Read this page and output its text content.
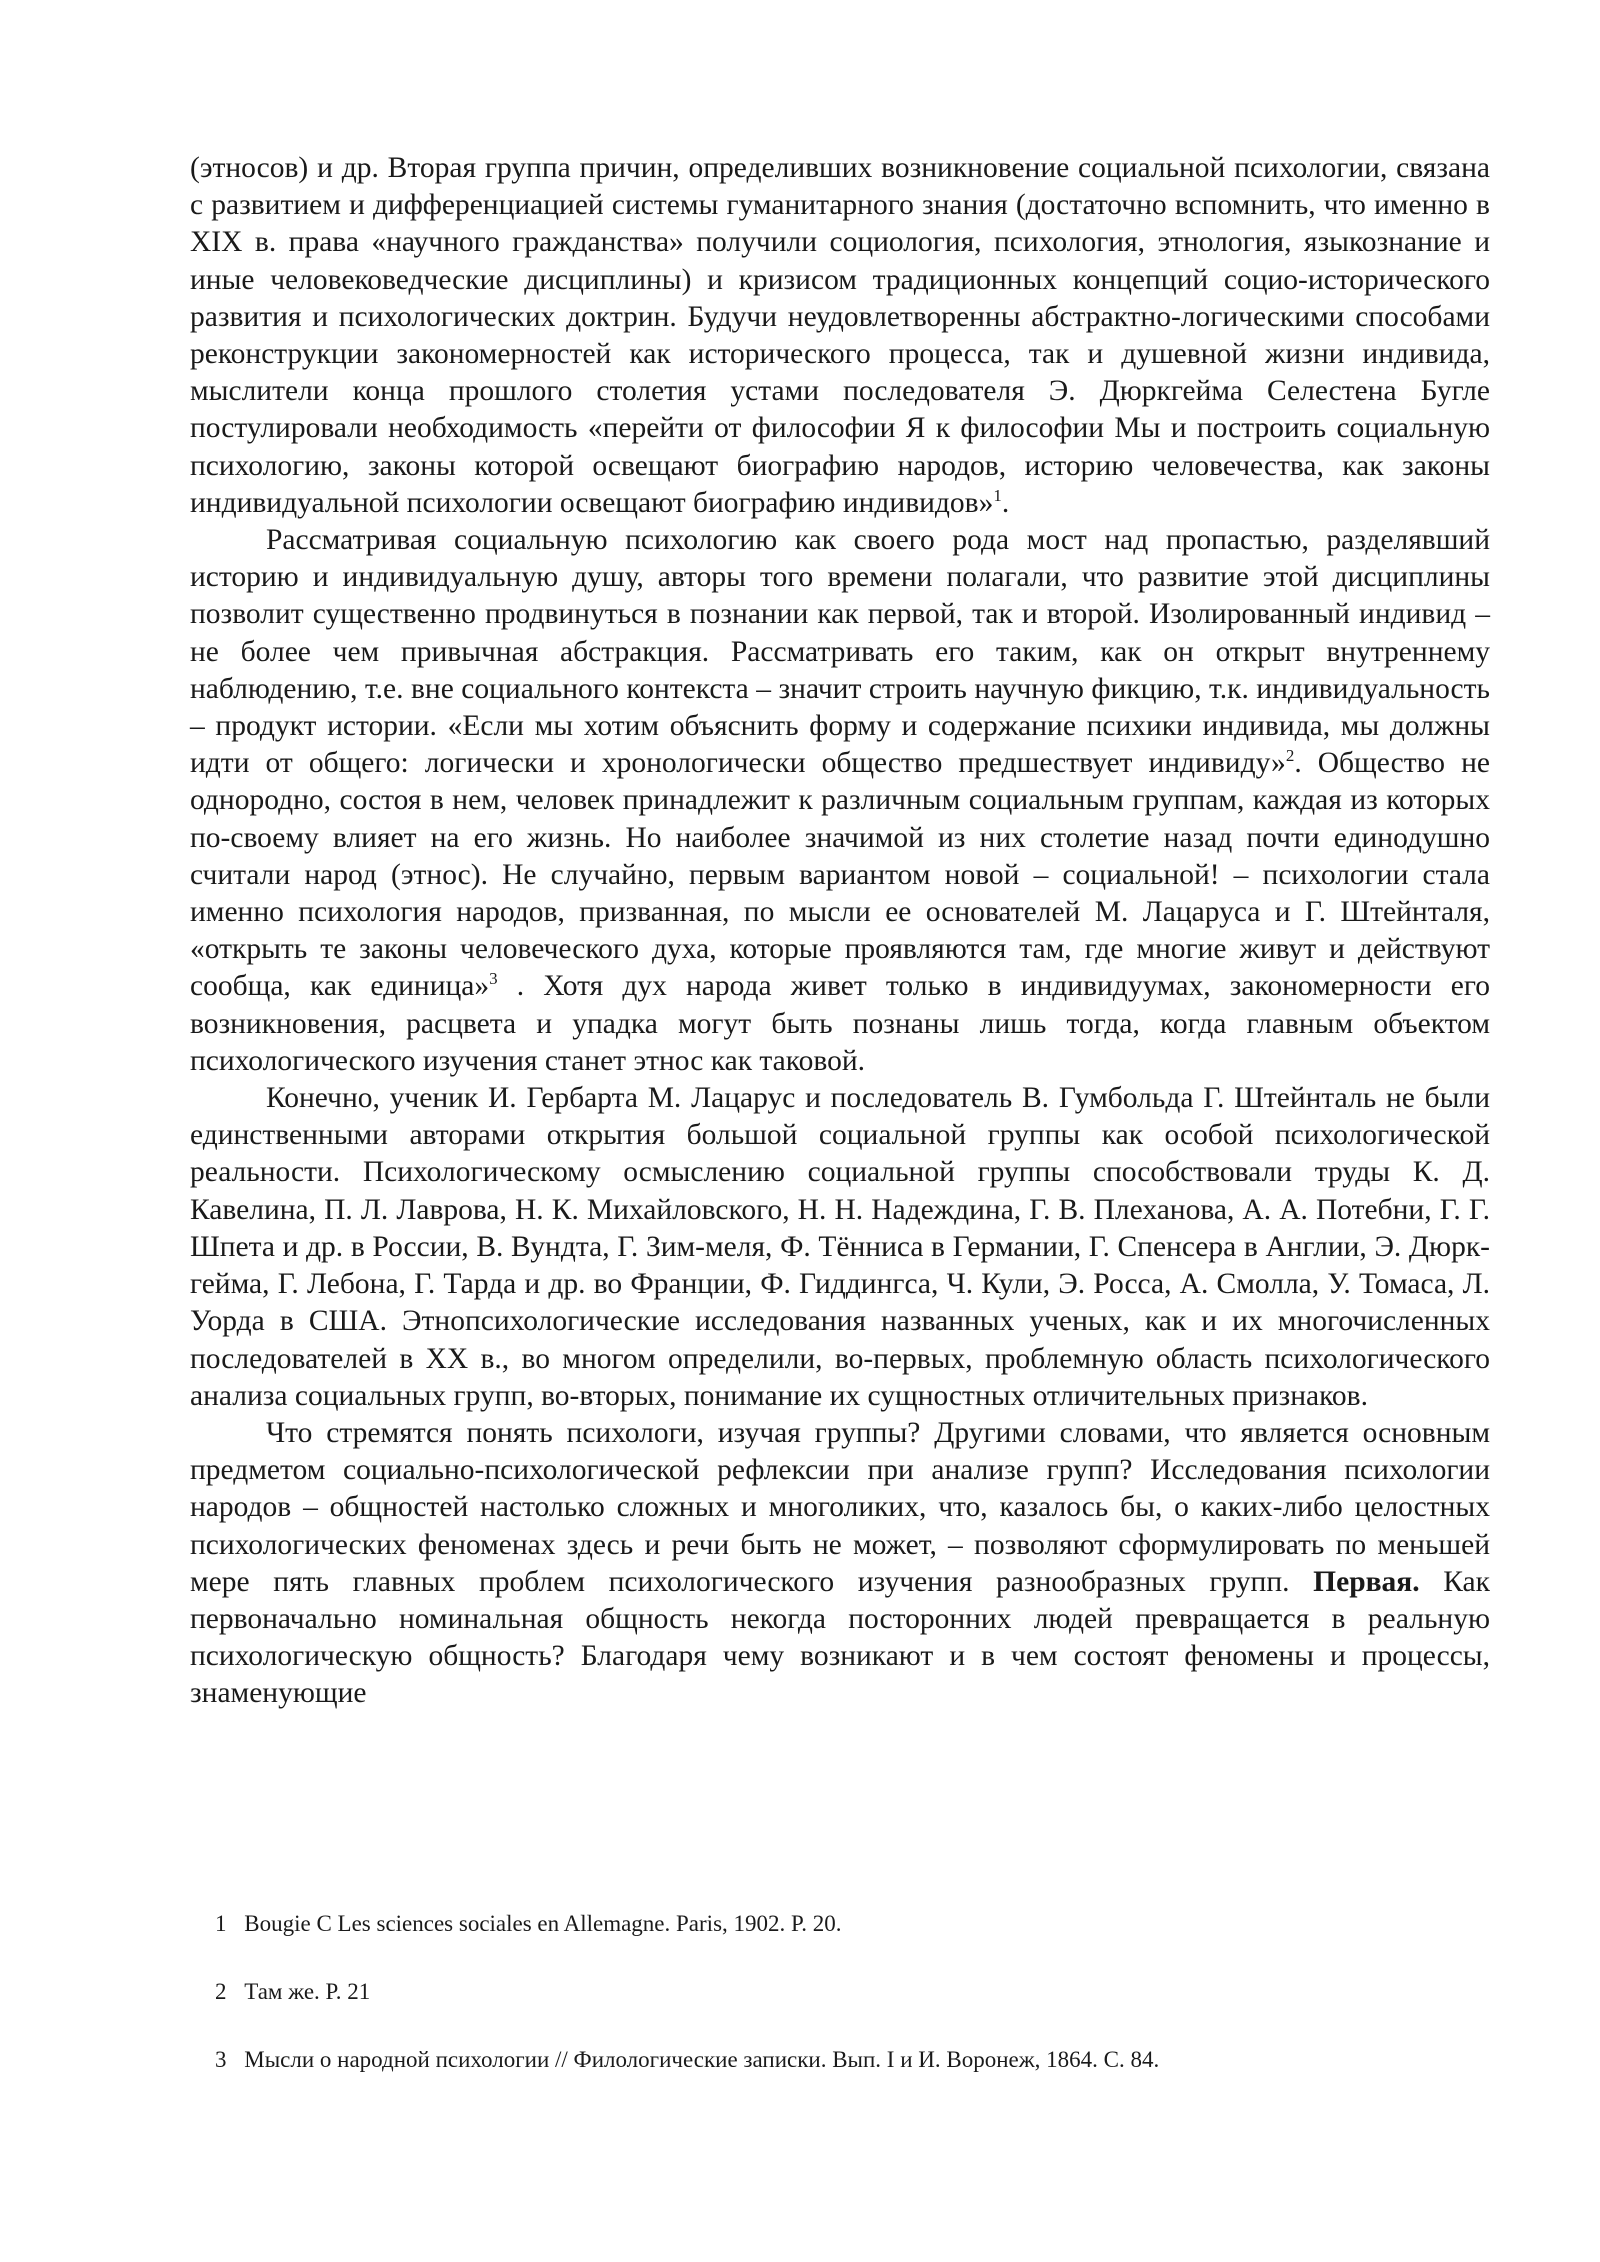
(этносов) и др. Вторая группа причин, определивших возникновение социальной психологии, связана с развитием и дифференциацией системы гуманитарного знания (достаточно вспомнить, что именно в XIX в. права «научного гражданства» получили социология, психология, этнология, языкознание и иные человековедческие дисциплины) и кризисом традиционных концепций социо-исторического развития и психологических доктрин. Будучи неудовлетворенны абстрактно-логическими способами реконструкции закономерностей как исторического процесса, так и душевной жизни индивида, мыслители конца прошлого столетия устами последователя Э. Дюркгейма Селестена Бугле постулировали необходимость «перейти от философии Я к философии Мы и построить социальную психологию, законы которой освещают биографию народов, историю человечества, как законы индивидуальной психологии освещают биографию индивидов»$^1$.

Рассматривая социальную психологию как своего рода мост над пропастью, разделявший историю и индивидуальную душу, авторы того времени полагали, что развитие этой дисциплины позволит существенно продвинуться в познании как первой, так и второй. Изолированный индивид – не более чем привычная абстракция. Рассматривать его таким, как он открыт внутреннему наблюдению, т.е. вне социального контекста – значит строить научную фикцию, т.к. индивидуальность – продукт истории. «Если мы хотим объяснить форму и содержание психики индивида, мы должны идти от общего: логически и хронологически общество предшествует индивиду»$^2$. Общество не однородно, состоя в нем, человек принадлежит к различным социальным группам, каждая из которых по-своему влияет на его жизнь. Но наиболее значимой из них столетие назад почти единодушно считали народ (этнос). Не случайно, первым вариантом новой – социальной! – психологии стала именно психология народов, призванная, по мысли ее основателей М. Лацаруса и Г. Штейнталя, «открыть те законы человеческого духа, которые проявляются там, где многие живут и действуют сообща, как единица»$^3$ . Хотя дух народа живет только в индивидуумах, закономерности его возникновения, расцвета и упадка могут быть познаны лишь тогда, когда главным объектом психологического изучения станет этнос как таковой.

Конечно, ученик И. Гербарта М. Лацарус и последователь В. Гумбольда Г. Штейнталь не были единственными авторами открытия большой социальной группы как особой психологической реальности. Психологическому осмыслению социальной группы способствовали труды К. Д. Кавелина, П. Л. Лаврова, Н. К. Михайловского, Н. Н. Надеждина, Г. В. Плеханова, А. А. Потебни, Г. Г. Шпета и др. в России, В. Вундта, Г. Зим-меля, Ф. Тённиса в Германии, Г. Спенсера в Англии, Э. Дюрк-гейма, Г. Лебона, Г. Тарда и др. во Франции, Ф. Гиддингса, Ч. Кули, Э. Росса, А. Смолла, У. Томаса, Л. Уорда в США. Этнопсихологические исследования названных ученых, как и их многочисленных последователей в XX в., во многом определили, во-первых, проблемную область психологического анализа социальных групп, во-вторых, понимание их сущностных отличительных признаков.

Что стремятся понять психологи, изучая группы? Другими словами, что является основным предметом социально-психологической рефлексии при анализе групп? Исследования психологии народов – общностей настолько сложных и многоликих, что, казалось бы, о каких-либо целостных психологических феноменах здесь и речи быть не может, – позволяют сформулировать по меньшей мере пять главных проблем психологического изучения разнообразных групп. Первая. Как первоначально номинальная общность некогда посторонних людей превращается в реальную психологическую общность? Благодаря чему возникают и в чем состоят феномены и процессы, знаменующие

1 Bougie C Les sciences sociales en Allemagne. Paris, 1902. P. 20.

2 Там же. P. 21

3 Мысли о народной психологии // Филологические записки. Вып. I и И. Воронеж, 1864. С. 84.
